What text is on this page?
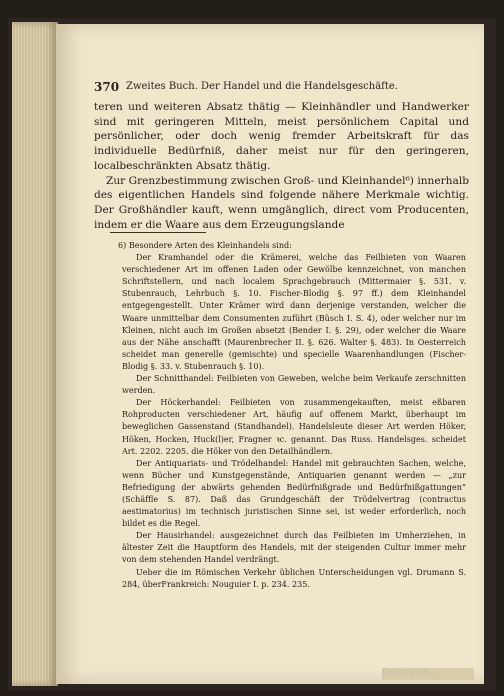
Österreich...
370 Zweites Buch. Der Handel und die Handelsgeschäfte.

teren und weiteren Absatz thätig — Kleinhändler und Handwerker sind mit geringeren Mitteln, meist persönlichem Capital und persönlicher, oder doch wenig fremder Arbeitskraft für das individuelle Bedürfniß, daher meist nur für den geringeren, localbeschränkten Absatz thätig.

Zur Grenzbestimmung zwischen Groß- und Kleinhandel⁶) innerhalb des eigentlichen Handels sind folgende nähere Merkmale wichtig. Der Großhändler kauft, wenn umgänglich, direct vom Producenten, indem er die Waare aus dem Erzeugungslande

6) Besondere Arten des Kleinhandels sind:

Der Kramhandel oder die Krämerei, welche das Feilbieten von Waaren verschiedener Art im offenen Laden oder Gewölbe kennzeichnet, von manchen Schriftstellern, und nach localem Sprachgebrauch (Mittermaier §. 531. v. Stubenrauch, Lehrbuch §. 10. Fischer-Blodig §. 97 ff.) dem Kleinhandel entgegengestellt. Unter Krämer wird dann derjenige verstanden, welcher die Waare unmittelbar dem Consumenten zuführt (Büsch I. S. 4), oder welcher nur im Kleinen, nicht auch im Großen absetzt (Bender I. §. 29), oder welcher die Waare aus der Nähe anschafft (Maurenbrecher II. §. 626. Walter §. 483). In Oesterreich scheidet man generelle (gemischte) und specielle Waarenhandlungen (Fischer-Blodig §. 33. v. Stubenrauch §. 10).

Der Schnitthandel: Feilbieten von Geweben, welche beim Verkaufe zerschnitten werden.

Der Höckerhandel: Feilbieten von zusammengekauften, meist eßbaren Rohproducten verschiedener Art, häufig auf offenem Markt, überhaupt im beweglichen Gassenstand (Standhandel). Handelsleute dieser Art werden Höker, Höken, Hocken, Huck(l)er, Fragner ꝛc. genannt. Das Russ. Handelsges. scheidet Art. 2202. 2205. die Höker von den Detailhändlern.

Der Antiquariats- und Trödelhandel: Handel mit gebrauchten Sachen, welche, wenn Bücher und Kunstgegenstände, Antiquarien genannt werden — „zur Befriedigung der abwärts gehenden Bedürfnißgrade und Bedürfnißgattungen“ (Schäffle S. 87). Daß das Grundgeschäft der Trödelvertrag (contractus aestimatorius) im technisch juristischen Sinne sei, ist weder erforderlich, noch bildet es die Regel.

Der Hausirhandel: ausgezeichnet durch das Feilbieten im Umherziehen, in ältester Zeit die Hauptform des Handels, mit der steigenden Cultur immer mehr von dem stehenden Handel verdrängt.

Ueber die im Römischen Verkehr üblichen Unterscheidungen vgl. Drumann S. 284, überFrankreich: Nouguier I. p. 234. 235.
